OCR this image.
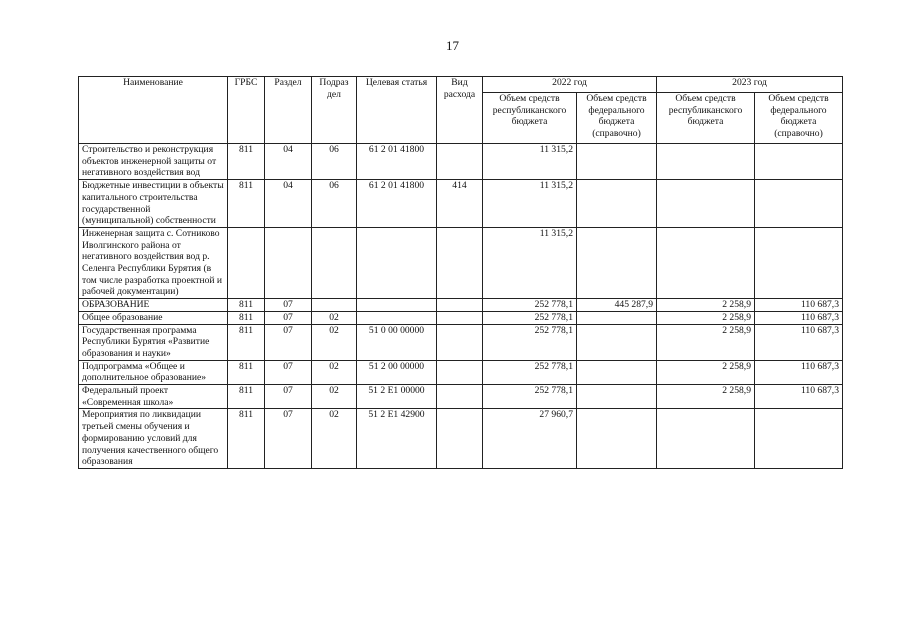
17
Наименование	ГРБС	Раздел	Подраз дел	Целевая статья	Вид расхода	2022 год		2023 год	
						Объем средств республиканского бюджета	Объем средств федерального бюджета (справочно)	Объем средств республиканского бюджета	Объем средств федерального бюджета (справочно)
Строительство и реконструкция объектов инженерной защиты от негативного воздействия вод	811	04	06	61 2 01 41800		11 315,2			
Бюджетные инвестиции в объекты капитального строительства государственной (муниципальной) собственности	811	04	06	61 2 01 41800	414	11 315,2			
Инженерная защита с. Сотниково Иволгинского района от негативного воздействия вод р. Селенга Республики Бурятия (в том числе разработка проектной и рабочей документации)						11 315,2			
ОБРАЗОВАНИЕ	811	07				252 778,1	445 287,9	2 258,9	110 687,3
Общее образование	811	07	02			252 778,1		2 258,9	110 687,3
Государственная программа Республики Бурятия «Развитие образования и науки»	811	07	02	51 0 00 00000		252 778,1		2 258,9	110 687,3
Подпрограмма «Общее и дополнительное образование»	811	07	02	51 2 00 00000		252 778,1		2 258,9	110 687,3
Федеральный проект «Современная школа»	811	07	02	51 2 E1 00000		252 778,1		2 258,9	110 687,3
Мероприятия по ликвидации третьей смены обучения и формированию условий для получения качественного общего образования	811	07	02	51 2 E1 42900		27 960,7			
